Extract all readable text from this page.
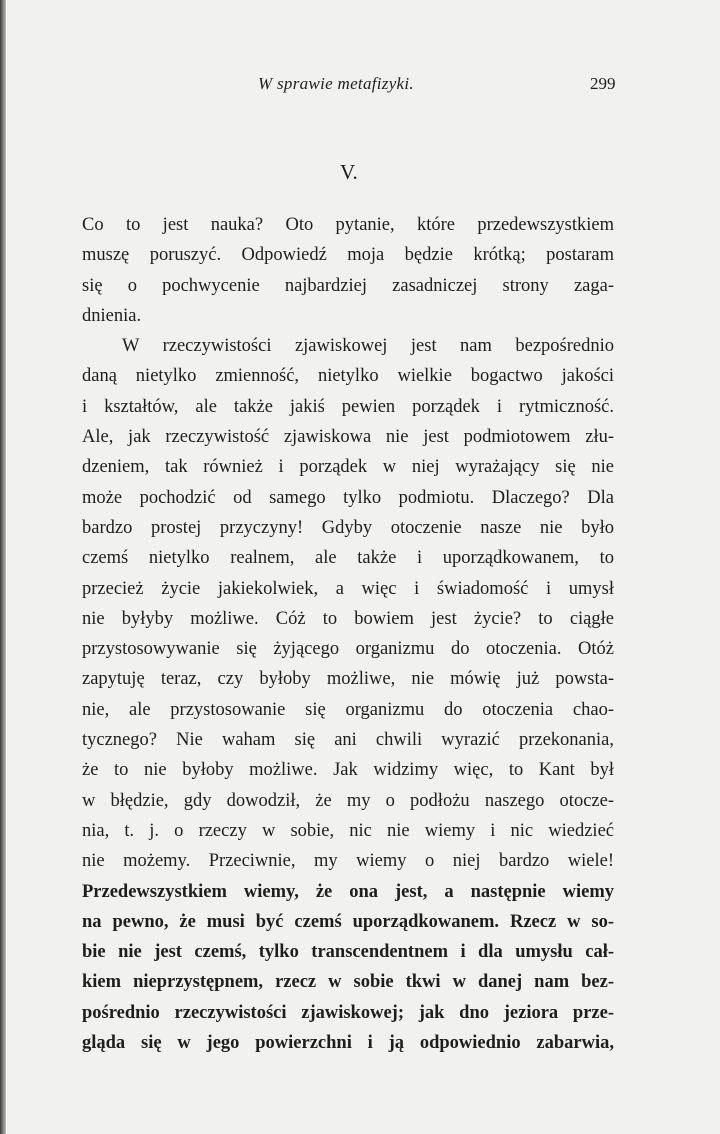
W sprawie metafizyki.	299
V.
Co to jest nauka? Oto pytanie, które przedewszystkiem
muszę poruszyć. Odpowiedź moja będzie krótką; postaram
się o pochwycenie najbardziej zasadniczej strony zaga-
dnienia.
W rzeczywistości zjawiskowej jest nam bezpośrednio
daną nietylko zmienność, nietylko wielkie bogactwo jakości
i kształtów, ale także jakiś pewien porządek i rytmiczność.
Ale, jak rzeczywistość zjawiskowa nie jest podmiotowem złu-
dzeniem, tak również i porządek w niej wyrażający się nie
może pochodzić od samego tylko podmiotu. Dlaczego? Dla
bardzo prostej przyczyny! Gdyby otoczenie nasze nie było
czemś nietylko realnem, ale także i uporządkowanem, to
przecież życie jakiekolwiek, a więc i świadomość i umysł
nie byłyby możliwe. Cóż to bowiem jest życie? to ciągłe
przystosowywanie się żyjącego organizmu do otoczenia. Otóż
zapytuję teraz, czy byłoby możliwe, nie mówię już powsta-
nie, ale przystosowanie się organizmu do otoczenia chao-
tycznego? Nie waham się ani chwili wyrazić przekonania,
że to nie byłoby możliwe. Jak widzimy więc, to Kant był
w błędzie, gdy dowodził, że my o podłożu naszego otocze-
nia, t. j. o rzeczy w sobie, nic nie wiemy i nic wiedzieć
nie możemy. Przeciwnie, my wiemy o niej bardzo wiele!
Przedewszystkiem wiemy, że ona jest, a następnie wiemy
na pewno, że musi być czemś uporządkowanem. Rzecz w so-
bie nie jest czemś, tylko transcendentnem i dla umysłu cał-
kiem nieprzystępnem, rzecz w sobie tkwi w danej nam bez-
pośrednio rzeczywistości zjawiskowej; jak dno jeziora prze-
gląda się w jego powierzchni i ją odpowiednio zabarwia,
